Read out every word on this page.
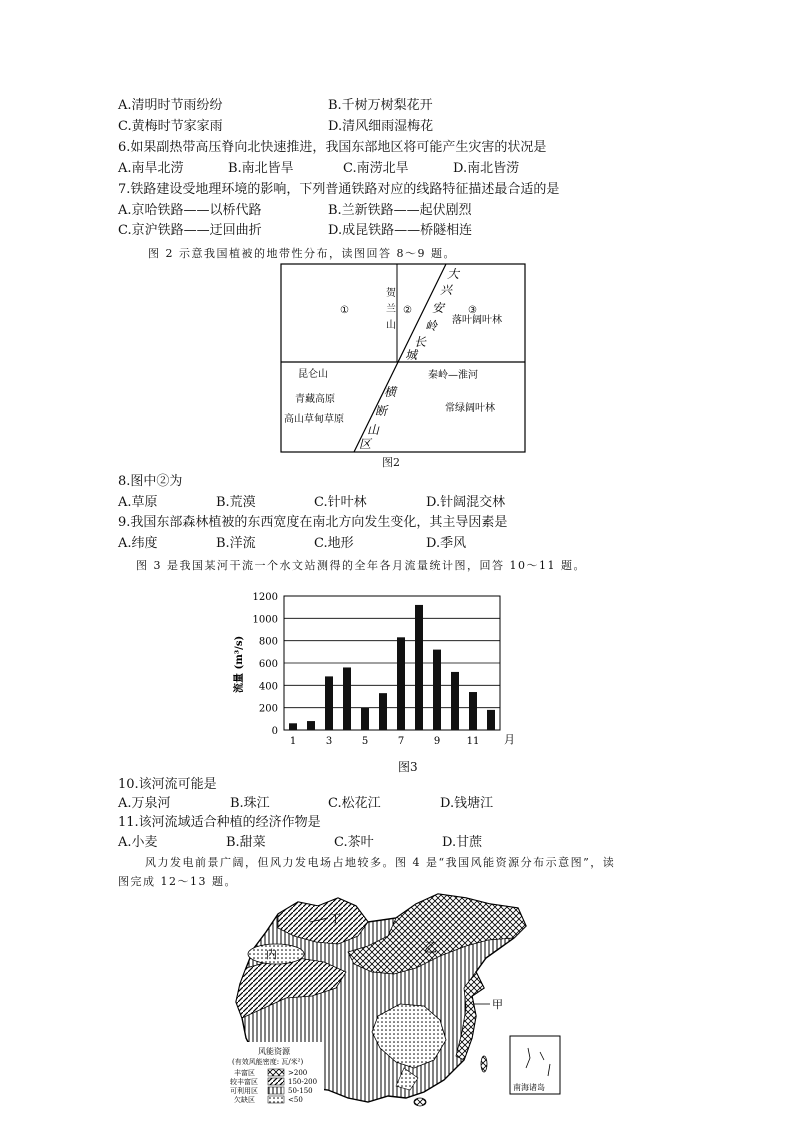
A.清明时节雨纷纷	B.千树万树梨花开
C.黄梅时节家家雨	D.清风细雨湿梅花
6.如果副热带高压脊向北快速推进，我国东部地区将可能产生灾害的状况是
A.南旱北涝	B.南北皆旱	C.南涝北旱	D.南北皆涝
7.铁路建设受地理环境的影响，下列普通铁路对应的线路特征描述最合适的是
A.京哈铁路——以桥代路	B.兰新铁路——起伏剧烈
C.京沪铁路——迂回曲折	D.成昆铁路——桥隧相连
图 2 示意我国植被的地带性分布，读图回答 8～9 题。
①	②	③
贺
兰
山
大
兴
安
岭
长
城
落叶阔叶林
昆仑山
青藏高原
高山草甸草原
横
断
山
区
秦岭—淮河
常绿阔叶林
图2
8.图中②为
A.草原	B.荒漠	C.针叶林	D.针阔混交林
9.我国东部森林植被的东西宽度在南北方向发生变化，其主导因素是
A.纬度	B.洋流	C.地形	D.季风
图 3 是我国某河干流一个水文站测得的全年各月流量统计图，回答 10～11 题。
0
200
400
600
800
1000
1200
1	3	5	7	9	11
流量 (m³/s)
月
图3
10.该河流可能是
A.万泉河	B.珠江	C.松花江	D.钱塘江
11.该河流域适合种植的经济作物是
A.小麦	B.甜菜	C.茶叶	D.甘蔗
风力发电前景广阔，但风力发电场占地较多。图 4 是“我国风能资源分布示意图”，读
图完成 12～13 题。
丁
乙
内
甲
南海诸岛
风能资源
(有效风能密度: 瓦/米²)
丰富区	>200
较丰富区	150-200
可利用区	50-150
欠缺区	<50
